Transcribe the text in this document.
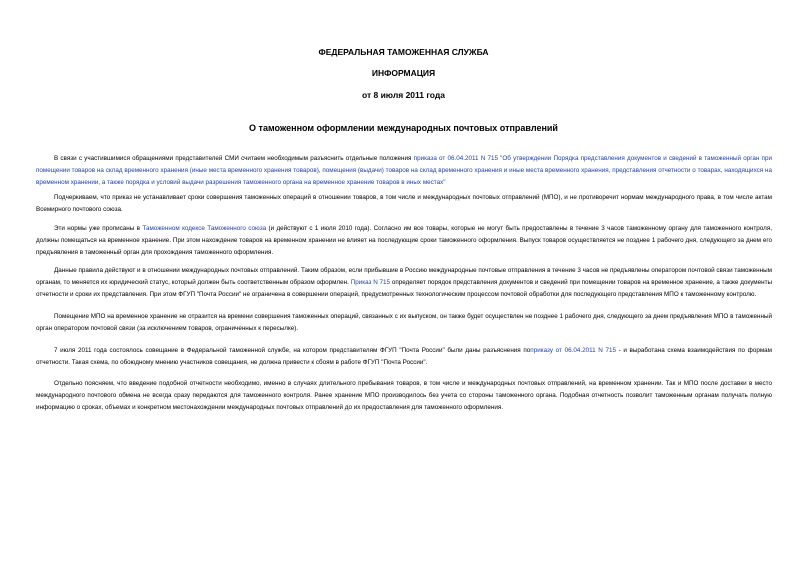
ФЕДЕРАЛЬНАЯ ТАМОЖЕННАЯ СЛУЖБА
ИНФОРМАЦИЯ
от 8 июля 2011 года
О таможенном оформлении международных почтовых отправлений

В связи с участившимися обращениями представителей СМИ считаем необходимым разъяснить отдельные положения приказа от 06.04.2011 N 715 "Об утверждении Порядка представления документов и сведений в таможенный орган при помещении товаров на склад временного хранения (иные места временного хранения товаров), помещения (выдачи) товаров на склад временного хранения и иные места временного хранения, представления отчетности о товарах, находящихся на временном хранении, а также порядка и условий выдачи разрешения таможенного органа на временное хранение товаров в иных местах"

Подчеркиваем, что приказ не устанавливает сроки совершения таможенных операций в отношении товаров, в том числе и международных почтовых отправлений (МПО), и не противоречит нормам международного права, в том числе актам Всемирного почтового союза.

Эти нормы уже прописаны в Таможенном кодексе Таможенного союза (и действуют с 1 июля 2010 года). Согласно им все товары, которые не могут быть предоставлены в течение 3 часов таможенному органу для таможенного контроля, должны помещаться на временное хранение. При этом нахождение товаров на временном хранении не влияет на последующие сроки таможенного оформления. Выпуск товаров осуществляется не позднее 1 рабочего дня, следующего за днем его предъявления в таможенный орган для прохождения таможенного оформления.

Данные правила действуют и в отношении международных почтовых отправлений. Таким образом, если прибывшие в Россию международные почтовые отправления в течение 3 часов не предъявлены оператором почтовой связи таможенным органам, то меняется их юридический статус, который должен быть соответственным образом оформлен. Приказ N 715 определяет порядок представления документов и сведений при помещении товаров на временное хранение, а также документы отчетности и сроки их представления. При этом ФГУП "Почта России" не ограничена в совершении операций, предусмотренных технологическим процессом почтовой обработки для последующего представления МПО к таможенному контролю.

Помещение МПО на временное хранение не отразится на времени совершения таможенных операций, связанных с их выпуском, он также будет осуществлен не позднее 1 рабочего дня, следующего за днем предъявления МПО в таможенный орган оператором почтовой связи (за исключением товаров, ограниченных к пересылке).

7 июля 2011 года состоялось совещание в Федеральной таможенной службе, на котором представителям ФГУП "Почта России" были даны разъяснения поприказу от 06.04.2011 N 715 - и выработана схема взаимодействия по формам отчетности. Такая схема, по обоюдному мнению участников совещания, не должна привести к сбоям в работе ФГУП "Почта России".

Отдельно поясняем, что введение подобной отчетности необходимо, именно в случаях длительного пребывания товаров, в том числе и международных почтовых отправлений, на временном хранении. Так и МПО после доставки в место международного почтового обмена не всегда сразу передаются для таможенного контроля. Ранее хранение МПО производилось без учета со стороны таможенного органа. Подобная отчетность позволит таможенным органам получать полную информацию о сроках, объемах и конкретном местонахождении международных почтовых отправлений до их предоставления для таможенного оформления.
